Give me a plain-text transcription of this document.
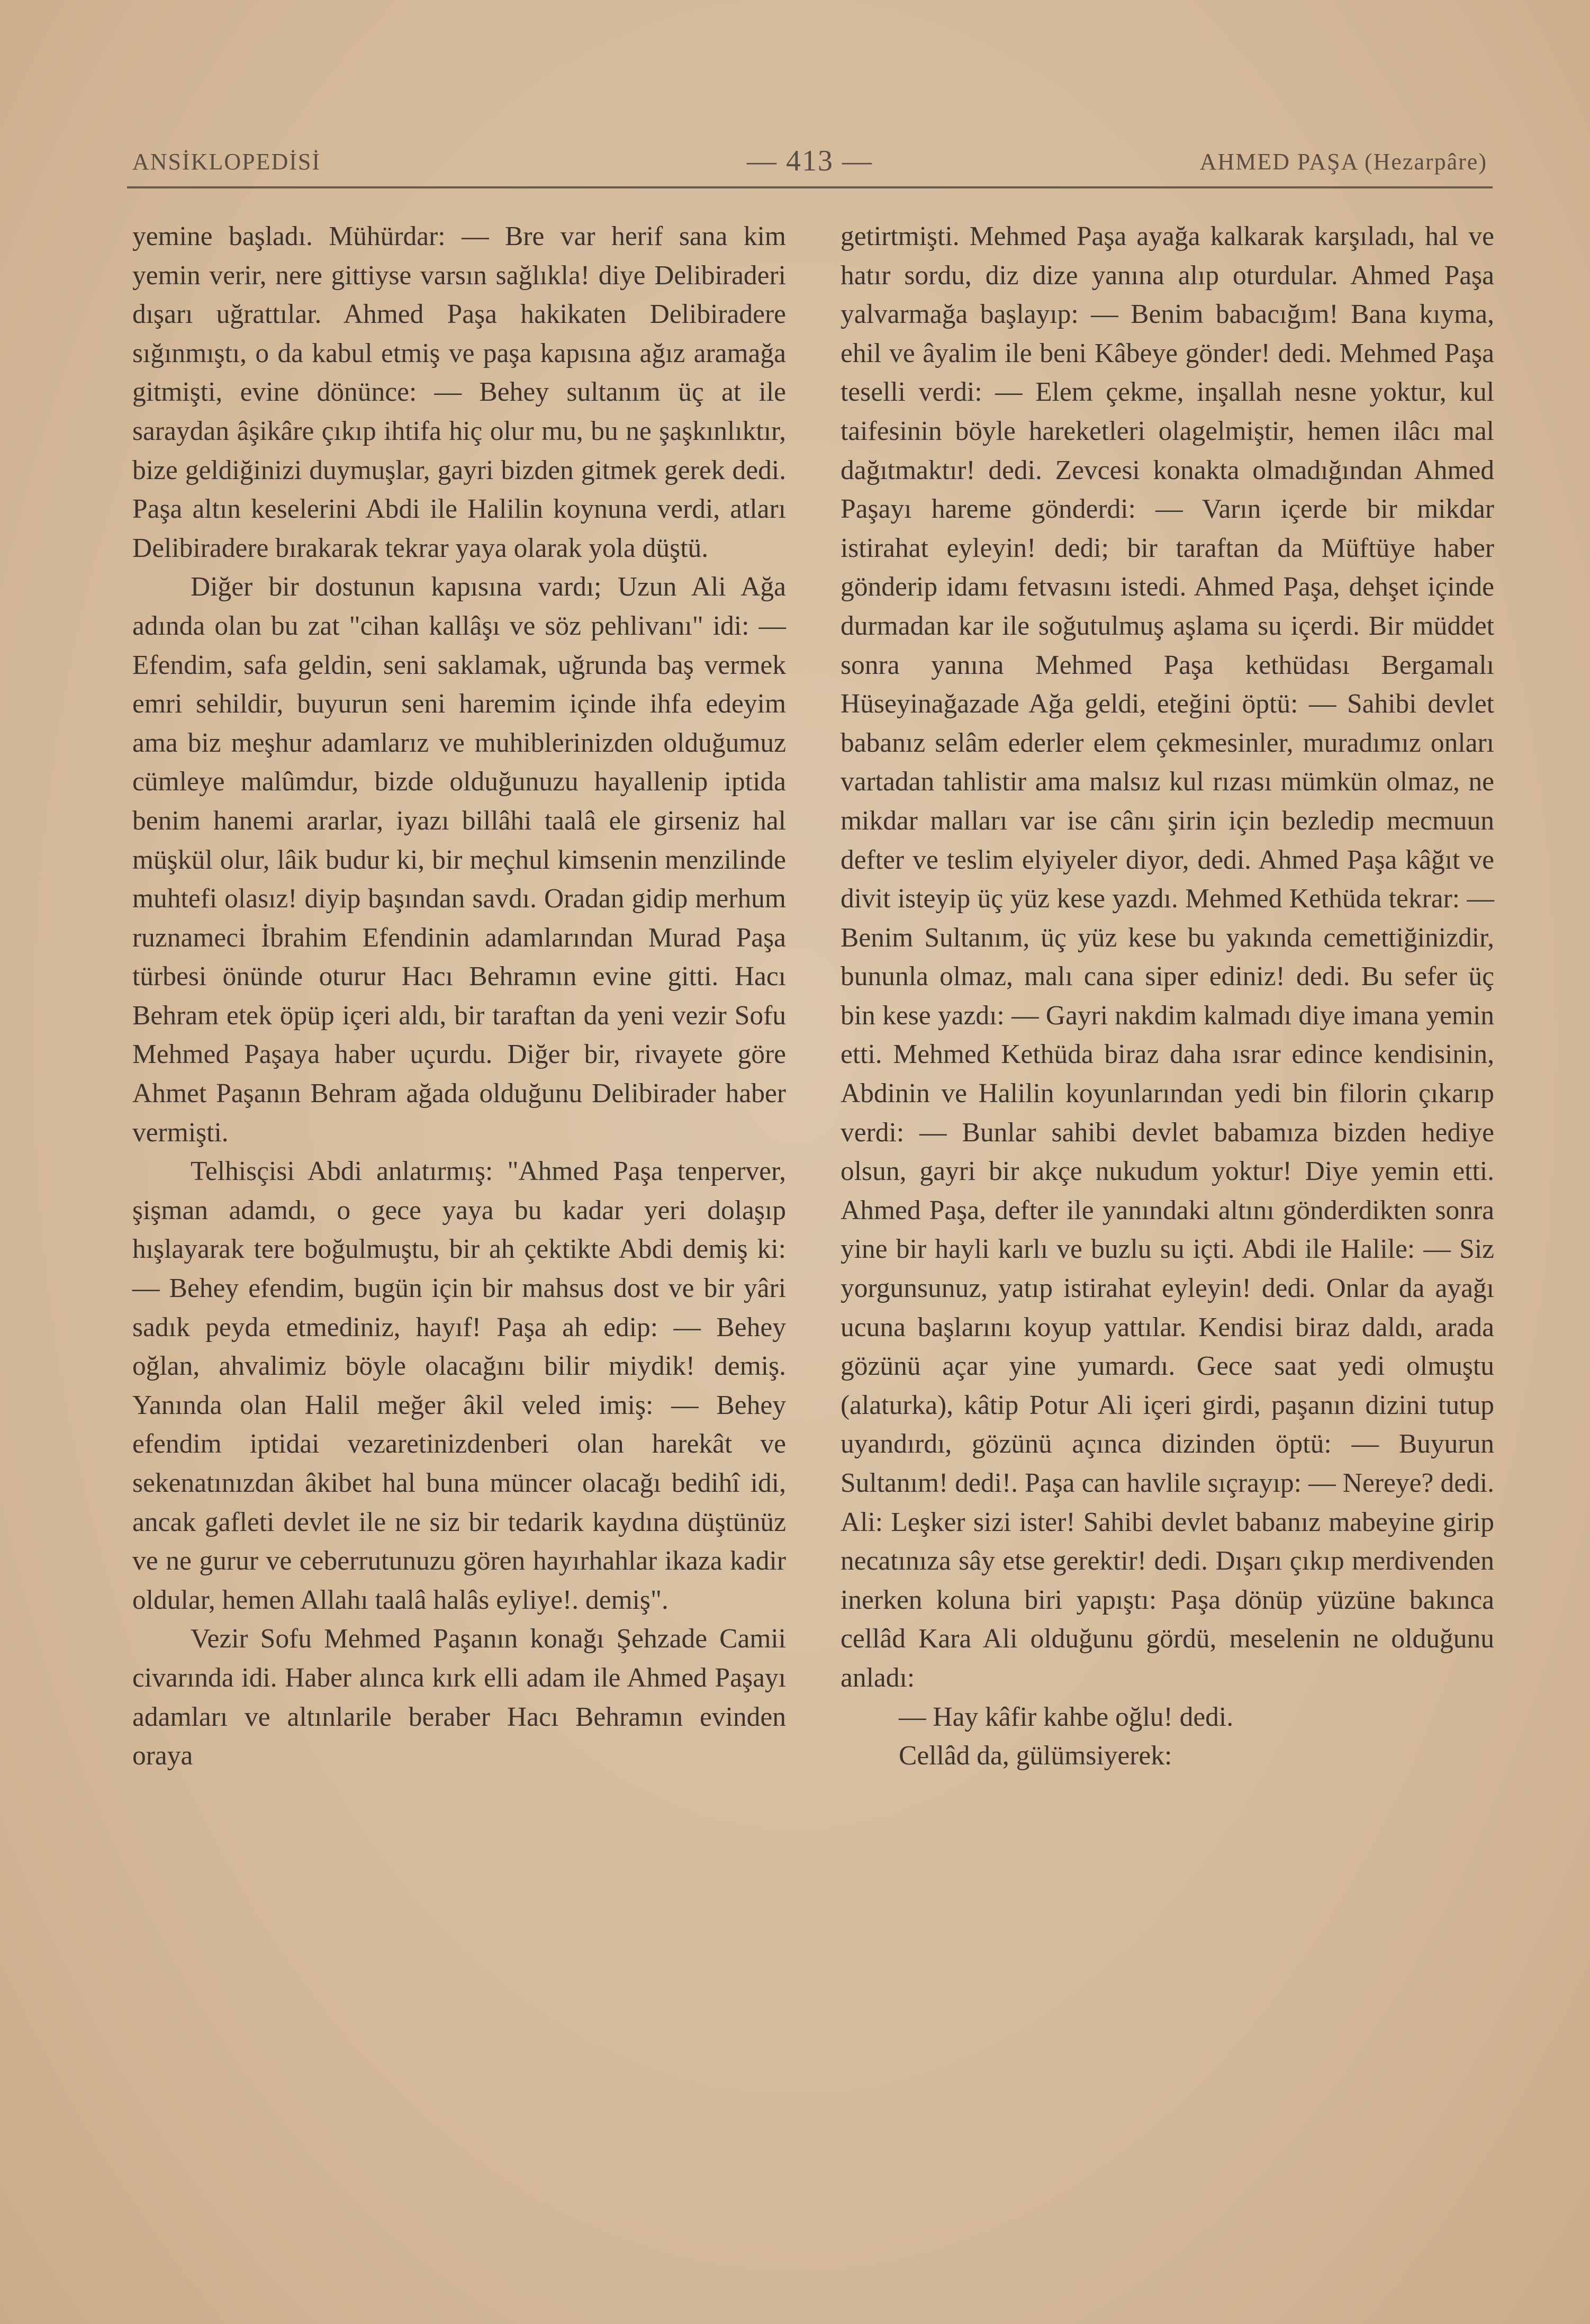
ANSİKLOPEDİSİ	— 413 —	AHMED PAŞA (Hezarpâre)

yemine başladı. Mühürdar: — Bre var herif sana kim yemin verir, nere gittiyse varsın sağlıkla! diye Delibiraderi dışarı uğrattılar. Ahmed Paşa hakikaten Delibiradere sığınmıştı, o da kabul etmiş ve paşa kapısına ağız aramağa gitmişti, evine dönünce: — Behey sultanım üç at ile saraydan âşikâre çıkıp ihtifa hiç olur mu, bu ne şaşkınlıktır, bize geldiğinizi duymuşlar, gayri bizden gitmek gerek dedi. Paşa altın keselerini Abdi ile Halilin koynuna verdi, atları Delibiradere bırakarak tekrar yaya olarak yola düştü.

Diğer bir dostunun kapısına vardı; Uzun Ali Ağa adında olan bu zat "cihan kallâşı ve söz pehlivanı" idi: — Efendim, safa geldin, seni saklamak, uğrunda baş vermek emri sehildir, buyurun seni haremim içinde ihfa edeyim ama biz meşhur adamlarız ve muhiblerinizden olduğumuz cümleye malûmdur, bizde olduğunuzu hayallenip iptida benim hanemi ararlar, iyazı billâhi taalâ ele girseniz hal müşkül olur, lâik budur ki, bir meçhul kimsenin menzilinde muhtefi olasız! diyip başından savdı. Oradan gidip merhum ruznameci İbrahim Efendinin adamlarından Murad Paşa türbesi önünde oturur Hacı Behramın evine gitti. Hacı Behram etek öpüp içeri aldı, bir taraftan da yeni vezir Sofu Mehmed Paşaya haber uçurdu. Diğer bir, rivayete göre Ahmet Paşanın Behram ağada olduğunu Delibirader haber vermişti.

Telhisçisi Abdi anlatırmış: "Ahmed Paşa tenperver, şişman adamdı, o gece yaya bu kadar yeri dolaşıp hışlayarak tere boğulmuştu, bir ah çektikte Abdi demiş ki: — Behey efendim, bugün için bir mahsus dost ve bir yâri sadık peyda etmediniz, hayıf! Paşa ah edip: — Behey oğlan, ahvalimiz böyle olacağını bilir miydik! demiş. Yanında olan Halil meğer âkil veled imiş: — Behey efendim iptidai vezaretinizdenberi olan harekât ve sekenatınızdan âkibet hal buna müncer olacağı bedihî idi, ancak gafleti devlet ile ne siz bir tedarik kaydına düştünüz ve ne gurur ve ceberrutunuzu gören hayırhahlar ikaza kadir oldular, hemen Allahı taalâ halâs eyliye!. demiş".

Vezir Sofu Mehmed Paşanın konağı Şehzade Camii civarında idi. Haber alınca kırk elli adam ile Ahmed Paşayı adamları ve altınlarile beraber Hacı Behramın evinden oraya

getirtmişti. Mehmed Paşa ayağa kalkarak karşıladı, hal ve hatır sordu, diz dize yanına alıp oturdular. Ahmed Paşa yalvarmağa başlayıp: — Benim babacığım! Bana kıyma, ehil ve âyalim ile beni Kâbeye gönder! dedi. Mehmed Paşa teselli verdi: — Elem çekme, inşallah nesne yoktur, kul taifesinin böyle hareketleri olagelmiştir, hemen ilâcı mal dağıtmaktır! dedi. Zevcesi konakta olmadığından Ahmed Paşayı hareme gönderdi: — Varın içerde bir mikdar istirahat eyleyin! dedi; bir taraftan da Müftüye haber gönderip idamı fetvasını istedi. Ahmed Paşa, dehşet içinde durmadan kar ile soğutulmuş aşlama su içerdi. Bir müddet sonra yanına Mehmed Paşa kethüdası Bergamalı Hüseyinağazade Ağa geldi, eteğini öptü: — Sahibi devlet babanız selâm ederler elem çekmesinler, muradımız onları vartadan tahlistir ama malsız kul rızası mümkün olmaz, ne mikdar malları var ise cânı şirin için bezledip mecmuun defter ve teslim elyiyeler diyor, dedi. Ahmed Paşa kâğıt ve divit isteyip üç yüz kese yazdı. Mehmed Kethüda tekrar: — Benim Sultanım, üç yüz kese bu yakında cemettiğinizdir, bununla olmaz, malı cana siper ediniz! dedi. Bu sefer üç bin kese yazdı: — Gayri nakdim kalmadı diye imana yemin etti. Mehmed Kethüda biraz daha ısrar edince kendisinin, Abdinin ve Halilin koyunlarından yedi bin filorin çıkarıp verdi: — Bunlar sahibi devlet babamıza bizden hediye olsun, gayri bir akçe nukudum yoktur! Diye yemin etti. Ahmed Paşa, defter ile yanındaki altını gönderdikten sonra yine bir hayli karlı ve buzlu su içti. Abdi ile Halile: — Siz yorgunsunuz, yatıp istirahat eyleyin! dedi. Onlar da ayağı ucuna başlarını koyup yattılar. Kendisi biraz daldı, arada gözünü açar yine yumardı. Gece saat yedi olmuştu (alaturka), kâtip Potur Ali içeri girdi, paşanın dizini tutup uyandırdı, gözünü açınca dizinden öptü: — Buyurun Sultanım! dedi!. Paşa can havlile sıçrayıp: — Nereye? dedi. Ali: Leşker sizi ister! Sahibi devlet babanız mabeyine girip necatınıza sây etse gerektir! dedi. Dışarı çıkıp merdivenden inerken koluna biri yapıştı: Paşa dönüp yüzüne bakınca cellâd Kara Ali olduğunu gördü, meselenin ne olduğunu anladı:

— Hay kâfir kahbe oğlu! dedi.

Cellâd da, gülümsiyerek:
